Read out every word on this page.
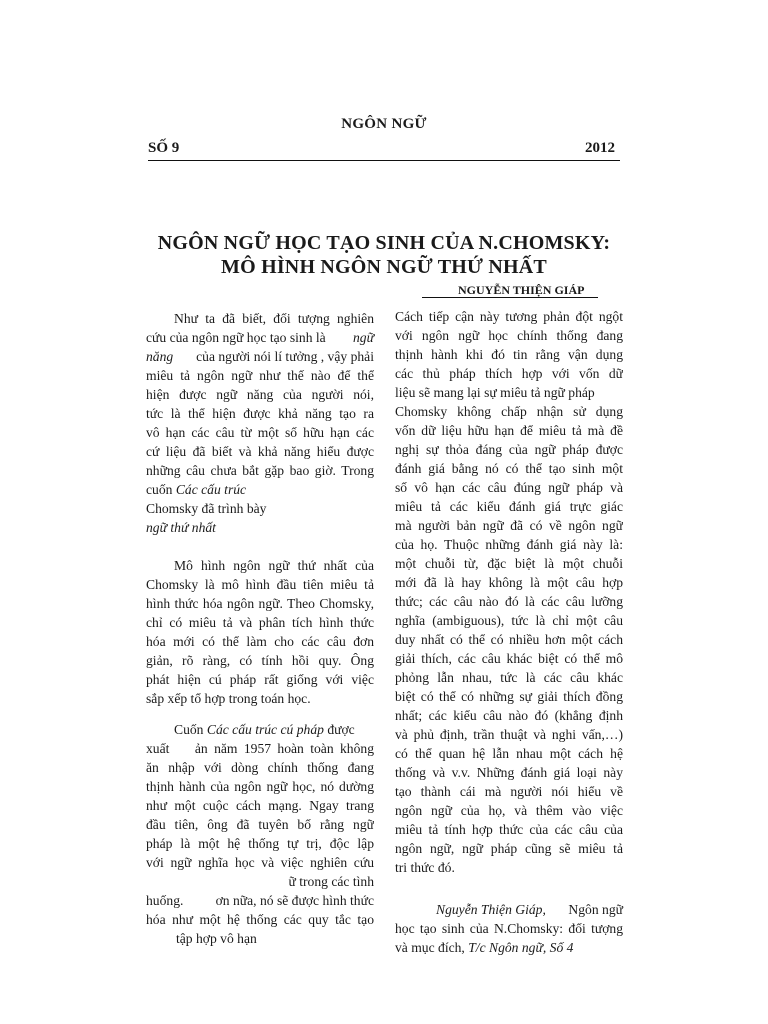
NGÔN NGỮ
SỐ 9	2012
NGÔN NGỮ HỌC TẠO SINH CỦA N.CHOMSKY:
MÔ HÌNH NGÔN NGỮ THỨ NHẤT
NGUYỄN THIỆN GIÁP
Như ta đã biết, đối tượng nghiên
cứu của ngôn ngữ học tạo sinh là ngữ
năng của người nói lí tưởng , vậy phải
miêu tả ngôn ngữ như thế nào để thể
hiện được ngữ năng của người nói,
tức là thể hiện được khả năng tạo ra
vô hạn các câu từ một số hữu hạn các
cứ liệu đã biết và khả năng hiểu được
những câu chưa bắt gặp bao giờ. Trong
cuốn Các cấu trúc
Chomsky đã trình bày
ngữ thứ nhất
Mô hình ngôn ngữ thứ nhất của
Chomsky là mô hình đầu tiên miêu tả
hình thức hóa ngôn ngữ. Theo Chomsky,
chỉ có miêu tả và phân tích hình thức
hóa mới có thể làm cho các câu đơn
giản, rõ ràng, có tính hồi quy. Ông
phát hiện cú pháp rất giống với việc
sắp xếp tổ hợp trong toán học.
Cuốn Các cấu trúc cú pháp được
xuất    ản năm 1957 hoàn toàn không
ăn nhập với dòng chính thống đang
thịnh hành của ngôn ngữ học, nó dường
như một cuộc cách mạng. Ngay trang
đầu tiên, ông đã tuyên bố rằng ngữ
pháp là một hệ thống tự trị, độc lập
với ngữ nghĩa học và việc nghiên cứu
ữ trong các tình
huống. ơn nữa, nó sẽ được hình thức
hóa như một hệ thống các quy tắc tạo
tập hợp vô hạn
Cách tiếp cận này tương phản đột ngột
với ngôn ngữ học chính thống đang
thịnh hành khi đó tin rằng vận dụng
các thủ pháp thích hợp với vốn dữ
liệu sẽ mang lại sự miêu tả ngữ pháp
Chomsky không chấp nhận sử dụng
vốn dữ liệu hữu hạn để miêu tả mà đề
nghị sự thỏa đáng của ngữ pháp được
đánh giá bằng nó có thể tạo sinh một
số vô hạn các câu đúng ngữ pháp và
miêu tả các kiểu đánh giá trực giác
mà người bản ngữ đã có về ngôn ngữ
của họ. Thuộc những đánh giá này là:
một chuỗi từ, đặc biệt là một chuỗi
mới đã là hay không là một câu hợp
thức; các câu nào đó là các câu lưỡng
nghĩa (ambiguous), tức là chỉ một câu
duy nhất có thể có nhiều hơn một cách
giải thích, các câu khác biệt có thể mô
phỏng lẫn nhau, tức là các câu khác
biệt có thể có những sự giải thích đồng
nhất; các kiểu câu nào đó (khẳng định
và phủ định, trần thuật và nghi vấn,…)
có thể quan hệ lẫn nhau một cách hệ
thống và v.v. Những đánh giá loại này
tạo thành cái mà người nói hiểu về
ngôn ngữ của họ, và thêm vào việc
miêu tả tính hợp thức của các câu của
ngôn ngữ, ngữ pháp cũng sẽ miêu tả
tri thức đó.
Nguyễn Thiện Giáp, Ngôn ngữ
học tạo sinh của N.Chomsky: đối tượng
và mục đích, T/c Ngôn ngữ, Số 4
